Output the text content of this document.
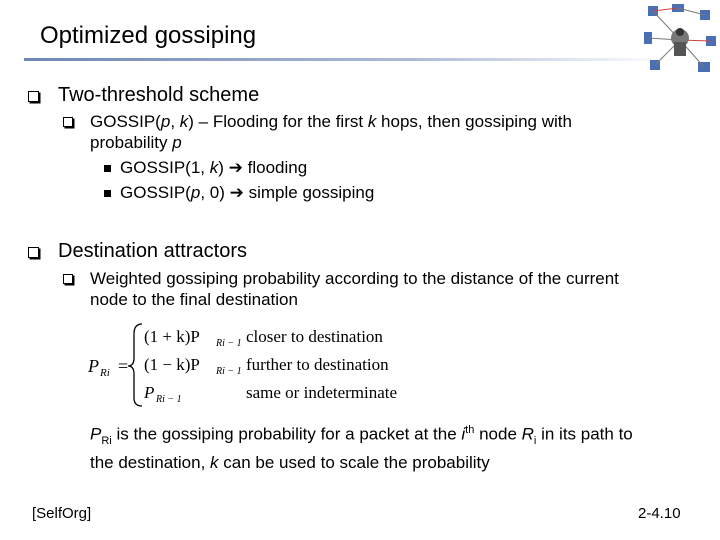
Optimized gossiping
Two-threshold scheme
GOSSIP(p, k) – Flooding for the first k hops, then gossiping with
probability p
GOSSIP(1, k) ➔ flooding
GOSSIP(p, 0) ➔ simple gossiping
Destination attractors
Weighted gossiping probability according to the distance of the current
node to the final destination
P Ri =
(1 + k)P Ri − 1 closer to destination
(1 − k)P Ri − 1 further to destination
P Ri − 1	same or indeterminate
$P_{Ri}$ is the gossiping probability for a packet at the $i^{th}$ node $R_i$ in its path to
the destination, k can be used to scale the probability
[SelfOrg]	2-4.10
